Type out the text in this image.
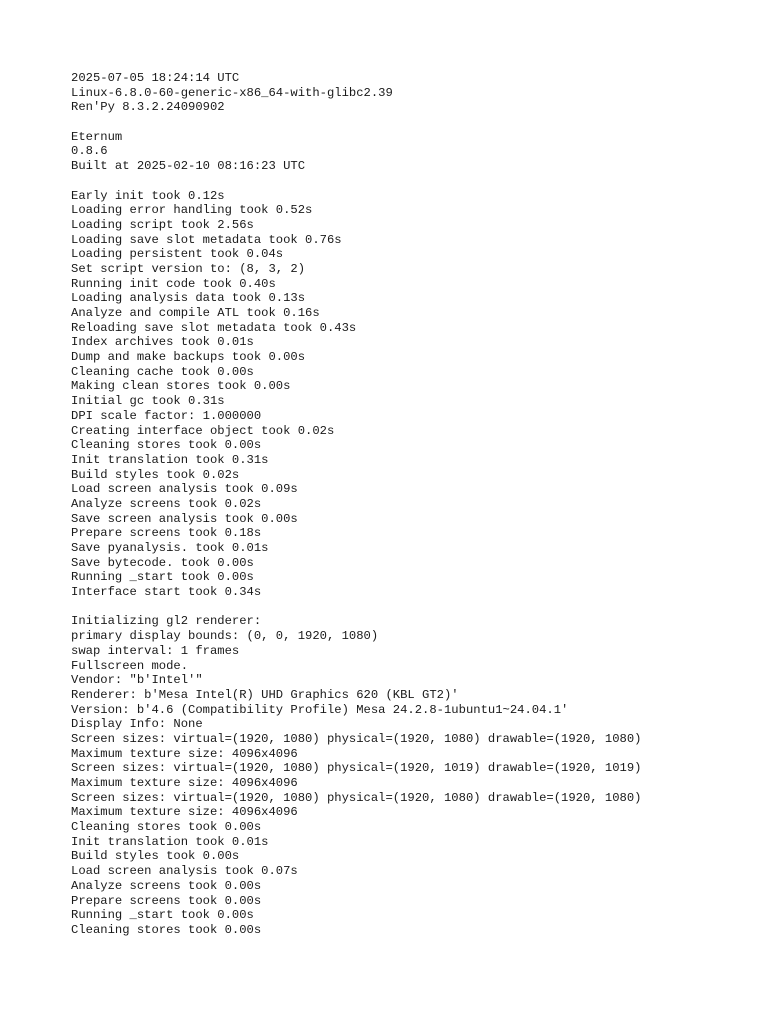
2025-07-05 18:24:14 UTC
Linux-6.8.0-60-generic-x86_64-with-glibc2.39
Ren'Py 8.3.2.24090902
Eternum
0.8.6
Built at 2025-02-10 08:16:23 UTC
Early init took 0.12s
Loading error handling took 0.52s
Loading script took 2.56s
Loading save slot metadata took 0.76s
Loading persistent took 0.04s
Set script version to: (8, 3, 2)
Running init code took 0.40s
Loading analysis data took 0.13s
Analyze and compile ATL took 0.16s
Reloading save slot metadata took 0.43s
Index archives took 0.01s
Dump and make backups took 0.00s
Cleaning cache took 0.00s
Making clean stores took 0.00s
Initial gc took 0.31s
DPI scale factor: 1.000000
Creating interface object took 0.02s
Cleaning stores took 0.00s
Init translation took 0.31s
Build styles took 0.02s
Load screen analysis took 0.09s
Analyze screens took 0.02s
Save screen analysis took 0.00s
Prepare screens took 0.18s
Save pyanalysis. took 0.01s
Save bytecode. took 0.00s
Running _start took 0.00s
Interface start took 0.34s
Initializing gl2 renderer:
primary display bounds: (0, 0, 1920, 1080)
swap interval: 1 frames
Fullscreen mode.
Vendor: "b'Intel'"
Renderer: b'Mesa Intel(R) UHD Graphics 620 (KBL GT2)'
Version: b'4.6 (Compatibility Profile) Mesa 24.2.8-1ubuntu1~24.04.1'
Display Info: None
Screen sizes: virtual=(1920, 1080) physical=(1920, 1080) drawable=(1920, 1080)
Maximum texture size: 4096x4096
Screen sizes: virtual=(1920, 1080) physical=(1920, 1019) drawable=(1920, 1019)
Maximum texture size: 4096x4096
Screen sizes: virtual=(1920, 1080) physical=(1920, 1080) drawable=(1920, 1080)
Maximum texture size: 4096x4096
Cleaning stores took 0.00s
Init translation took 0.01s
Build styles took 0.00s
Load screen analysis took 0.07s
Analyze screens took 0.00s
Prepare screens took 0.00s
Running _start took 0.00s
Cleaning stores took 0.00s
